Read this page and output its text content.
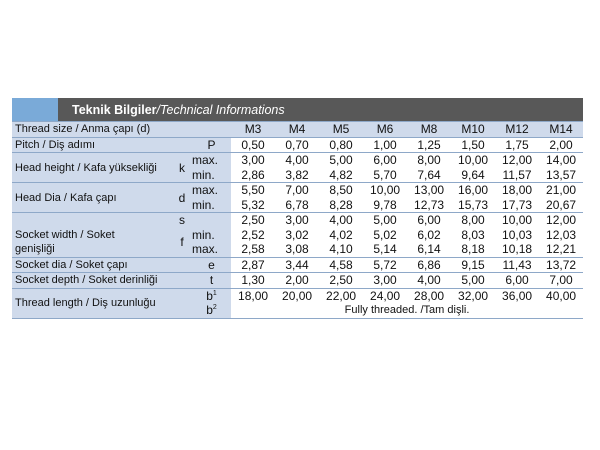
Teknik Bilgiler / Technical Informations
Thread size / Anma çapı (d)			M3	M4	M5	M6	M8	M10	M12	M14
Pitch / Diş adımı		P	0,50	0,70	0,80	1,00	1,25	1,50	1,75	2,00
Head height / Kafa yüksekliği	k	max.	3,00	4,00	5,00	6,00	8,00	10,00	12,00	14,00
		min.	2,86	3,82	4,82	5,70	7,64	9,64	11,57	13,57
Head Dia / Kafa çapı	d	max.	5,50	7,00	8,50	10,00	13,00	16,00	18,00	21,00
		min.	5,32	6,78	8,28	9,78	12,73	15,73	17,73	20,67
	s		2,50	3,00	4,00	5,00	6,00	8,00	10,00	12,00
Socket width / Soket	f	min.	2,52	3,02	4,02	5,02	6,02	8,03	10,03	12,03
genişliği		max.	2,58	3,08	4,10	5,14	6,14	8,18	10,18	12,21
Socket dia / Soket çapı		e	2,87	3,44	4,58	5,72	6,86	9,15	11,43	13,72
Socket depth / Soket derinliği		t	1,30	2,00	2,50	3,00	4,00	5,00	6,00	7,00
Thread length / Diş uzunluğu		$b^1$	18,00	20,00	22,00	24,00	28,00	32,00	36,00	40,00
		$b^2$	Fully threaded. /Tam dişli.							
